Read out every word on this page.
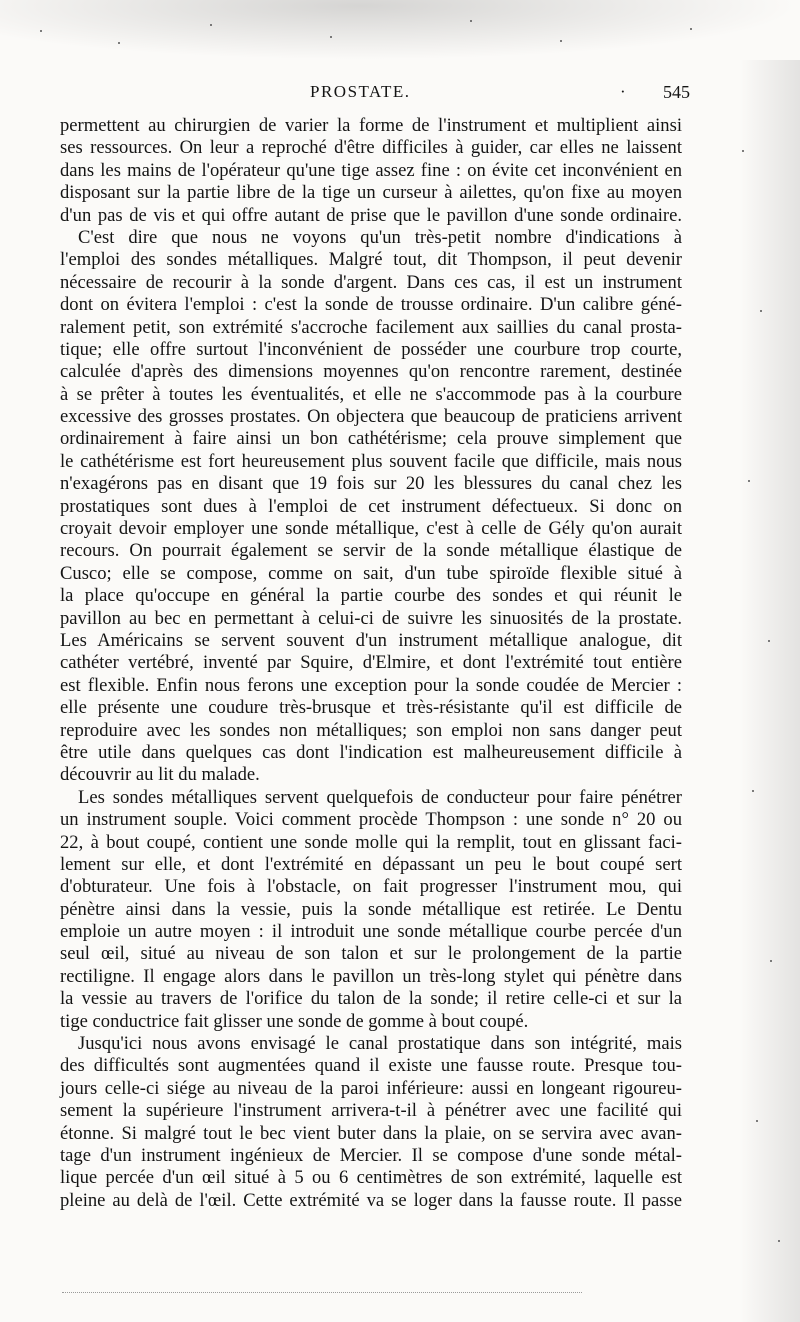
PROSTATE.	· 545
permettent au chirurgien de varier la forme de l'instrument et multiplient ainsi
ses ressources. On leur a reproché d'être difficiles à guider, car elles ne laissent
dans les mains de l'opérateur qu'une tige assez fine : on évite cet inconvénient en
disposant sur la partie libre de la tige un curseur à ailettes, qu'on fixe au moyen
d'un pas de vis et qui offre autant de prise que le pavillon d'une sonde ordinaire.
C'est dire que nous ne voyons qu'un très-petit nombre d'indications à
l'emploi des sondes métalliques. Malgré tout, dit Thompson, il peut devenir
nécessaire de recourir à la sonde d'argent. Dans ces cas, il est un instrument
dont on évitera l'emploi : c'est la sonde de trousse ordinaire. D'un calibre géné-
ralement petit, son extrémité s'accroche facilement aux saillies du canal prosta-
tique; elle offre surtout l'inconvénient de posséder une courbure trop courte,
calculée d'après des dimensions moyennes qu'on rencontre rarement, destinée
à se prêter à toutes les éventualités, et elle ne s'accommode pas à la courbure
excessive des grosses prostates. On objectera que beaucoup de praticiens arrivent
ordinairement à faire ainsi un bon cathétérisme; cela prouve simplement que
le cathétérisme est fort heureusement plus souvent facile que difficile, mais nous
n'exagérons pas en disant que 19 fois sur 20 les blessures du canal chez les
prostatiques sont dues à l'emploi de cet instrument défectueux. Si donc on
croyait devoir employer une sonde métallique, c'est à celle de Gély qu'on aurait
recours. On pourrait également se servir de la sonde métallique élastique de
Cusco; elle se compose, comme on sait, d'un tube spiroïde flexible situé à
la place qu'occupe en général la partie courbe des sondes et qui réunit le
pavillon au bec en permettant à celui-ci de suivre les sinuosités de la prostate.
Les Américains se servent souvent d'un instrument métallique analogue, dit
cathéter vertébré, inventé par Squire, d'Elmire, et dont l'extrémité tout entière
est flexible. Enfin nous ferons une exception pour la sonde coudée de Mercier :
elle présente une coudure très-brusque et très-résistante qu'il est difficile de
reproduire avec les sondes non métalliques; son emploi non sans danger peut
être utile dans quelques cas dont l'indication est malheureusement difficile à
découvrir au lit du malade.
Les sondes métalliques servent quelquefois de conducteur pour faire pénétrer
un instrument souple. Voici comment procède Thompson : une sonde n° 20 ou
22, à bout coupé, contient une sonde molle qui la remplit, tout en glissant faci-
lement sur elle, et dont l'extrémité en dépassant un peu le bout coupé sert
d'obturateur. Une fois à l'obstacle, on fait progresser l'instrument mou, qui
pénètre ainsi dans la vessie, puis la sonde métallique est retirée. Le Dentu
emploie un autre moyen : il introduit une sonde métallique courbe percée d'un
seul œil, situé au niveau de son talon et sur le prolongement de la partie
rectiligne. Il engage alors dans le pavillon un très-long stylet qui pénètre dans
la vessie au travers de l'orifice du talon de la sonde; il retire celle-ci et sur la
tige conductrice fait glisser une sonde de gomme à bout coupé.
Jusqu'ici nous avons envisagé le canal prostatique dans son intégrité, mais
des difficultés sont augmentées quand il existe une fausse route. Presque tou-
jours celle-ci siége au niveau de la paroi inférieure: aussi en longeant rigoureu-
sement la supérieure l'instrument arrivera-t-il à pénétrer avec une facilité qui
étonne. Si malgré tout le bec vient buter dans la plaie, on se servira avec avan-
tage d'un instrument ingénieux de Mercier. Il se compose d'une sonde métal-
lique percée d'un œil situé à 5 ou 6 centimètres de son extrémité, laquelle est
pleine au delà de l'œil. Cette extrémité va se loger dans la fausse route. Il passe
